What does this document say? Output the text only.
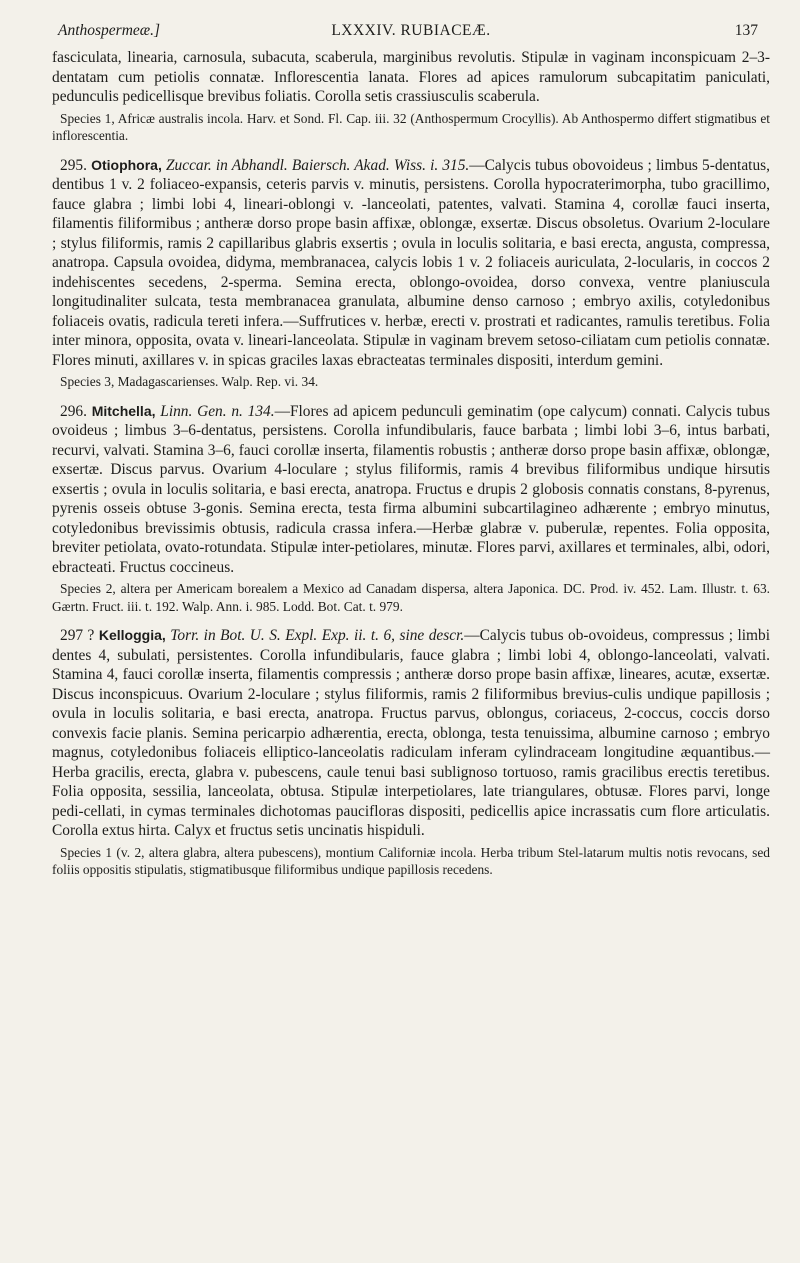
Anthospermeæ.]	LXXXIV. RUBIACEÆ.	137

fasciculata, linearia, carnosula, subacuta, scaberula, marginibus revolutis. Stipulæ in vaginam inconspicuam 2–3-dentatam cum petiolis connatæ. Inflorescentia lanata. Flores ad apices ramulorum subcapitatim paniculati, pedunculis pedicellisque brevibus foliatis. Corolla setis crassiusculis scaberula.

Species 1, Africæ australis incola. Harv. et Sond. Fl. Cap. iii. 32 (Anthospermum Crocyllis). Ab Anthospermo differt stigmatibus et inflorescentia.

295. Otiophora, Zuccar. in Abhandl. Baiersch. Akad. Wiss. i. 315.—Calycis tubus obovoideus ; limbus 5-dentatus, dentibus 1 v. 2 foliaceo-expansis, ceteris parvis v. minutis, persistens. Corolla hypocraterimorpha, tubo gracillimo, fauce glabra ; limbi lobi 4, lineari-oblongi v. -lanceolati, patentes, valvati. Stamina 4, corollæ fauci inserta, filamentis filiformibus ; antheræ dorso prope basin affixæ, oblongæ, exsertæ. Discus obsoletus. Ovarium 2-loculare ; stylus filiformis, ramis 2 capillaribus glabris exsertis ; ovula in loculis solitaria, e basi erecta, angusta, compressa, anatropa. Capsula ovoidea, didyma, membranacea, calycis lobis 1 v. 2 foliaceis auriculata, 2-locularis, in coccos 2 indehiscentes secedens, 2-sperma. Semina erecta, oblongo-ovoidea, dorso convexa, ventre planiuscula longitudinaliter sulcata, testa membranacea granulata, albumine denso carnoso ; embryo axilis, cotyledonibus foliaceis ovatis, radicula tereti infera.—Suffrutices v. herbæ, erecti v. prostrati et radicantes, ramulis teretibus. Folia inter minora, opposita, ovata v. lineari-lanceolata. Stipulæ in vaginam brevem setoso-ciliatam cum petiolis connatæ. Flores minuti, axillares v. in spicas graciles laxas ebracteatas terminales dispositi, interdum gemini.

Species 3, Madagascarienses. Walp. Rep. vi. 34.

296. Mitchella, Linn. Gen. n. 134.—Flores ad apicem pedunculi geminatim (ope calycum) connati. Calycis tubus ovoideus ; limbus 3–6-dentatus, persistens. Corolla infundibularis, fauce barbata ; limbi lobi 3–6, intus barbati, recurvi, valvati. Stamina 3–6, fauci corollæ inserta, filamentis robustis ; antheræ dorso prope basin affixæ, oblongæ, exsertæ. Discus parvus. Ovarium 4-loculare ; stylus filiformis, ramis 4 brevibus filiformibus undique hirsutis exsertis ; ovula in loculis solitaria, e basi erecta, anatropa. Fructus e drupis 2 globosis connatis constans, 8-pyrenus, pyrenis osseis obtuse 3-gonis. Semina erecta, testa firma albumini subcartilagineo adhærente ; embryo minutus, cotyledonibus brevissimis obtusis, radicula crassa infera.—Herbæ glabræ v. puberulæ, repentes. Folia opposita, breviter petiolata, ovato-rotundata. Stipulæ inter-petiolares, minutæ. Flores parvi, axillares et terminales, albi, odori, ebracteati. Fructus coccineus.

Species 2, altera per Americam borealem a Mexico ad Canadam dispersa, altera Japonica. DC. Prod. iv. 452. Lam. Illustr. t. 63. Gærtn. Fruct. iii. t. 192. Walp. Ann. i. 985. Lodd. Bot. Cat. t. 979.

297 ? Kelloggia, Torr. in Bot. U. S. Expl. Exp. ii. t. 6, sine descr.—Calycis tubus ob-ovoideus, compressus ; limbi dentes 4, subulati, persistentes. Corolla infundibularis, fauce glabra ; limbi lobi 4, oblongo-lanceolati, valvati. Stamina 4, fauci corollæ inserta, filamentis compressis ; antheræ dorso prope basin affixæ, lineares, acutæ, exsertæ. Discus inconspicuus. Ovarium 2-loculare ; stylus filiformis, ramis 2 filiformibus brevius-culis undique papillosis ; ovula in loculis solitaria, e basi erecta, anatropa. Fructus parvus, oblongus, coriaceus, 2-coccus, coccis dorso convexis facie planis. Semina pericarpio adhærentia, erecta, oblonga, testa tenuissima, albumine carnoso ; embryo magnus, cotyledonibus foliaceis elliptico-lanceolatis radiculam inferam cylindraceam longitudine æquantibus.—Herba gracilis, erecta, glabra v. pubescens, caule tenui basi sublignoso tortuoso, ramis gracilibus erectis teretibus. Folia opposita, sessilia, lanceolata, obtusa. Stipulæ interpetiolares, late triangulares, obtusæ. Flores parvi, longe pedi-cellati, in cymas terminales dichotomas paucifloras dispositi, pedicellis apice incrassatis cum flore articulatis. Corolla extus hirta. Calyx et fructus setis uncinatis hispiduli.

Species 1 (v. 2, altera glabra, altera pubescens), montium Californiæ incola. Herba tribum Stel-latarum multis notis revocans, sed foliis oppositis stipulatis, stigmatibusque filiformibus undique papillosis recedens.
